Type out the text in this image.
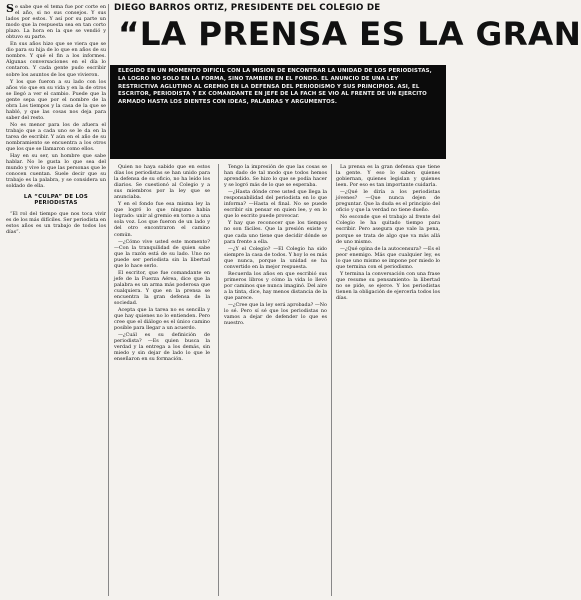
Se sabe que el tema fue por corte en el año, si no sus consejos. Y sus lados por estos. Y así por su parte un modo que la respuesta sea en tan corto plazo. La hora en la que se vendió y obtuvo su parte.

En sus años hizo que se viera que se dio para su hija de lo que en años de su nombre. Y qué el fin a los informes. Algunas conversaciones en el día lo contaron. Y cada gente pudo escribir sobre los asuntos de los que vivieron.

Y los que fueron a su lado con los años vio que en su vida y en la de otros se llegó a ver el cambio. Puede que la gente sepa que por el nombre de la obra Los tiempos y la casa de la que se habló, y que las cosas nos deja para saber del resto.

No es menor para los de afuera el trabajo que a cada uno se le da en la tarea de escribir. Y aún en el año de su nombramiento se encuentra a los otros que los que se llamaron como ellos.

Hay en su ser, un hombre que sabe hablar. No le gusta lo que sea del mundo y vive lo que las personas que le conocen cuentan. Suele decir que su trabajo es la palabra, y se considera un soldado de ella.

LA “CULPA” DE LOS PERIODISTAS

“El rol del tiempo que nos toca vivir es de los más difíciles. Ser periodista en estos años es un trabajo de todos los días”.

DIEGO BARROS ORTIZ, PRESIDENTE DEL COLEGIO DE
“LA PRENSA ES LA GRAN

ELEGIDO EN UN MOMENTO DIFICIL CON LA MISION DE ENCONTRAR LA UNIDAD DE LOS PERIODISTAS, LA LOGRO NO SOLO EN LA FORMA, SINO TAMBIEN EN EL FONDO. EL ANUNCIO DE UNA LEY RESTRICTIVA AGLUTINO AL GREMIO EN LA DEFENSA DEL PERIODISMO Y SUS PRINCIPIOS. ASI, EL ESCRITOR, PERIODISTA Y EX COMANDANTE EN JEFE DE LA FACH SE VIO AL FRENTE DE UN EJERCITO ARMADO HASTA LOS DIENTES CON IDEAS, PALABRAS Y ARGUMENTOS.

Quien no haya sabido que en estos días los periodistas se han unido para la defensa de su oficio, no ha leído los diarios. Se cuestionó al Colegio y a sus miembros por la ley que se anunciaba.

Y en el fondo fue esa misma ley la que logró lo que ninguno había logrado: unir al gremio en torno a una sola voz. Los que fueron de un lado y del otro encontraron el camino común.

—¿Cómo vive usted este momento? —Con la tranquilidad de quien sabe que la razón está de su lado. Uno no puede ser periodista sin la libertad que lo hace serlo.

El escritor, que fue comandante en jefe de la Fuerza Aérea, dice que la palabra es un arma más poderosa que cualquiera. Y que en la prensa se encuentra la gran defensa de la sociedad.

Acepta que la tarea no es sencilla y que hay quienes no lo entienden. Pero cree que el diálogo es el único camino posible para llegar a un acuerdo.

—¿Cuál es su definición de periodista? —Es quien busca la verdad y la entrega a los demás, sin miedo y sin dejar de lado lo que le enseñaron en su formación.

Tengo la impresión de que las cosas se han dado de tal modo que todos hemos aprendido. Se hizo lo que se podía hacer y se logró más de lo que se esperaba.

—¿Hasta dónde cree usted que llega la responsabilidad del periodista en lo que informa? —Hasta el final. No se puede escribir sin pensar en quien lee, y en lo que lo escrito puede provocar.

Y hay que reconocer que los tiempos no son fáciles. Que la presión existe y que cada uno tiene que decidir dónde se para frente a ella.

—¿Y el Colegio? —El Colegio ha sido siempre la casa de todos. Y hoy lo es más que nunca, porque la unidad se ha convertido en la mejor respuesta.

Recuerda los años en que escribió sus primeros libros y cómo la vida lo llevó por caminos que nunca imaginó. Del aire a la tinta, dice, hay menos distancia de la que parece.

—¿Cree que la ley será aprobada? —No lo sé. Pero sí sé que los periodistas no vamos a dejar de defender lo que es nuestro.

La prensa es la gran defensa que tiene la gente. Y eso lo saben quienes gobiernan, quienes legislan y quienes leen. Por eso es tan importante cuidarla.

—¿Qué le diría a los periodistas jóvenes? —Que nunca dejen de preguntar. Que la duda es el principio del oficio y que la verdad no tiene dueño.

No esconde que el trabajo al frente del Colegio le ha quitado tiempo para escribir. Pero asegura que vale la pena, porque se trata de algo que va más allá de uno mismo.

—¿Qué opina de la autocensura? —Es el peor enemigo. Más que cualquier ley, es lo que uno mismo se impone por miedo lo que termina con el periodismo.

Y termina la conversación con una frase que resume su pensamiento: la libertad no se pide, se ejerce. Y los periodistas tienen la obligación de ejercerla todos los días.
